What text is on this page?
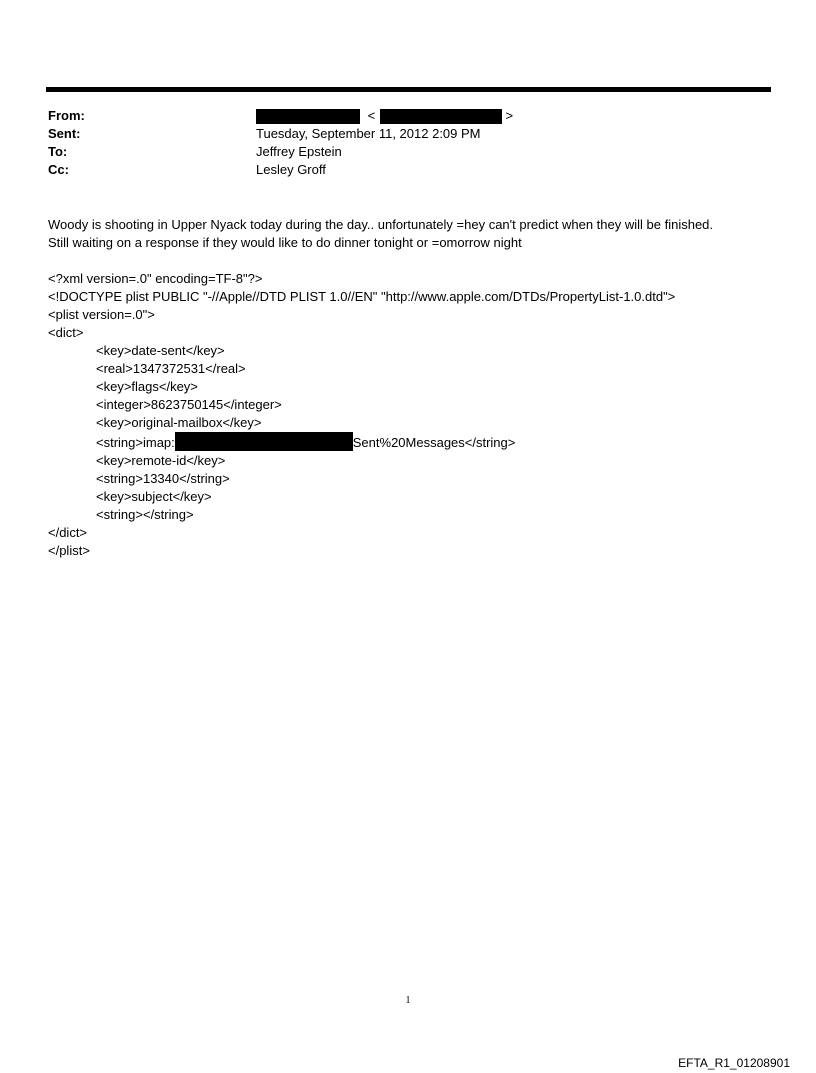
From:	<	>
Sent:	Tuesday, September 11, 2012 2:09 PM
To:	Jeffrey Epstein
Cc:	Lesley Groff
Woody is shooting in Upper Nyack today during the day.. unfortunately =hey can't predict when they will be finished.
Still waiting on a response if they would like to do dinner tonight or =omorrow night
<?xml version=.0" encoding=TF-8"?>
<!DOCTYPE plist PUBLIC "-//Apple//DTD PLIST 1.0//EN" "http://www.apple.com/DTDs/PropertyList-1.0.dtd">
<plist version=.0">
<dict>
<key>date-sent</key>
<real>1347372531</real>
<key>flags</key>
<integer>8623750145</integer>
<key>original-mailbox</key>
<string>imap:	Sent%20Messages</string>
<key>remote-id</key>
<string>13340</string>
<key>subject</key>
<string></string>
</dict>
</plist>
1
EFTA_R1_01208901
